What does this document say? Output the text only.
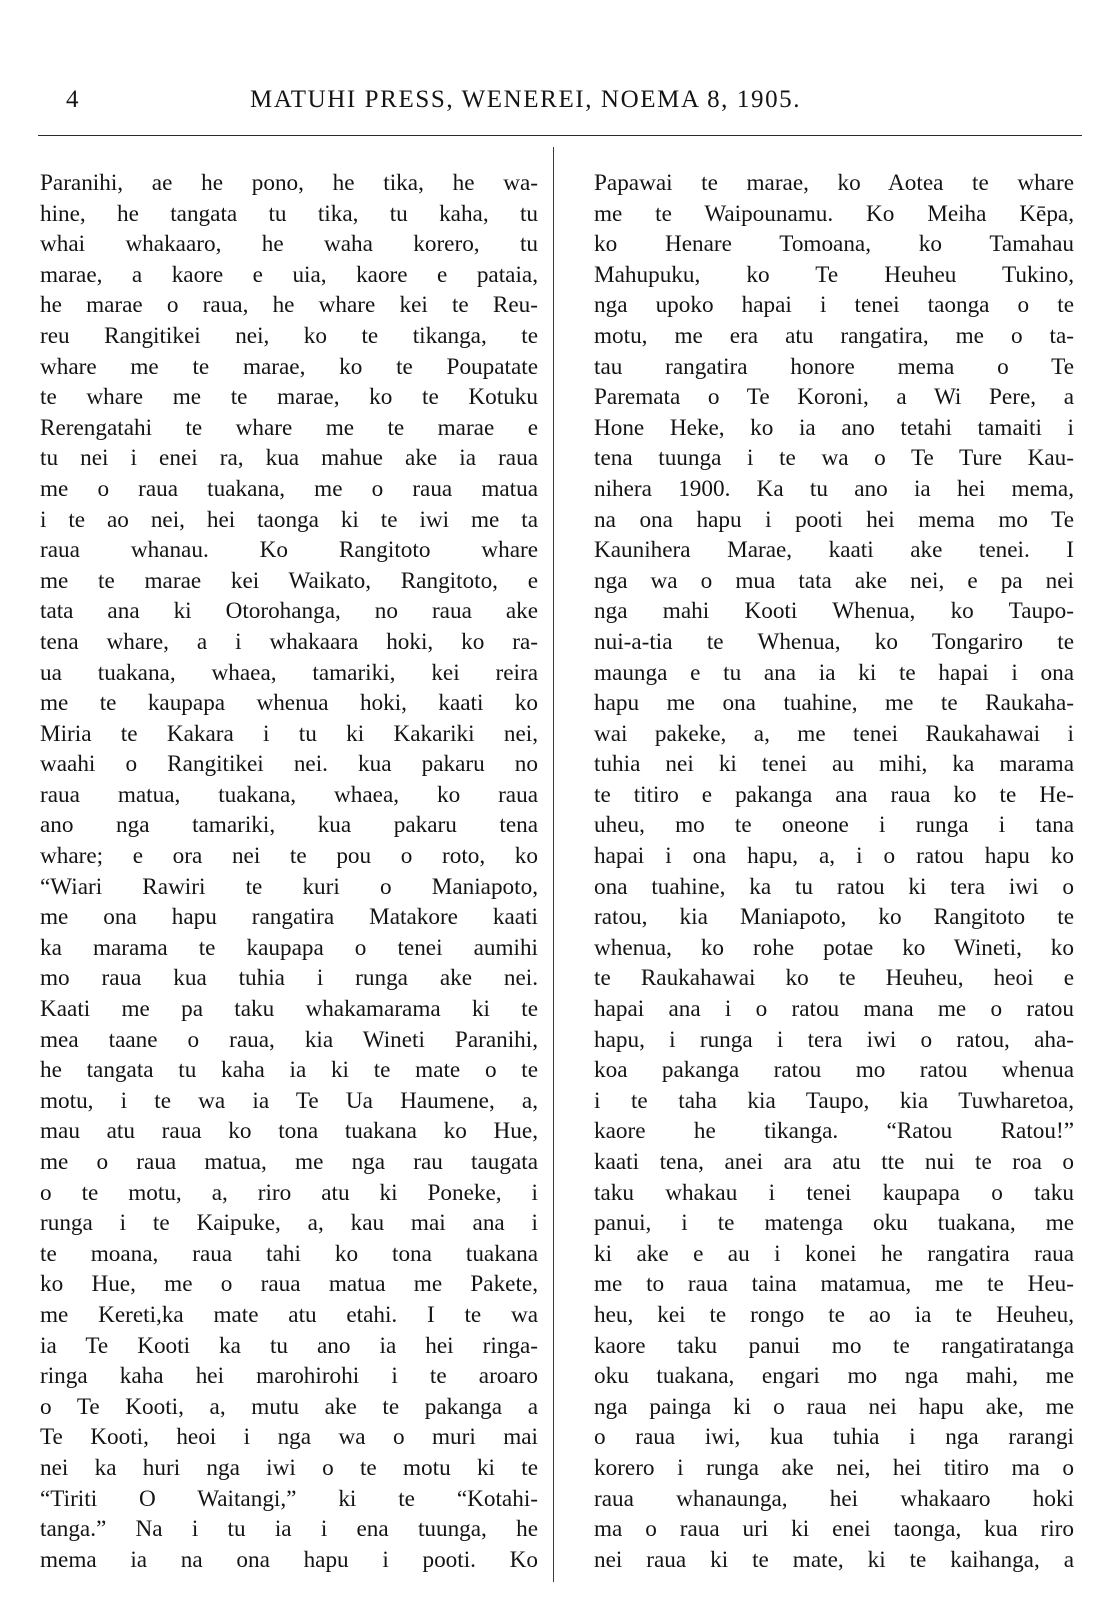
4	MATUHI PRESS, WENEREI, NOEMA 8, 1905.
Paranihi, ae he pono, he tika, he wa-
hine, he tangata tu tika, tu kaha, tu
whai whakaaro, he waha korero, tu
marae, a kaore e uia, kaore e pataia,
he marae o raua, he whare kei te Reu-
reu Rangitikei nei, ko te tikanga, te
whare me te marae, ko te Poupatate
te whare me te marae, ko te Kotuku
Rerengatahi te whare me te marae e
tu nei i enei ra, kua mahue ake ia raua
me o raua tuakana, me o raua matua
i te ao nei, hei taonga ki te iwi me ta
raua whanau. Ko Rangitoto whare
me te marae kei Waikato, Rangitoto, e
tata ana ki Otorohanga, no raua ake
tena whare, a i whakaara hoki, ko ra-
ua tuakana, whaea, tamariki, kei reira
me te kaupapa whenua hoki, kaati ko
Miria te Kakara i tu ki Kakariki nei,
waahi o Rangitikei nei. kua pakaru no
raua matua, tuakana, whaea, ko raua
ano nga tamariki, kua pakaru tena
whare; e ora nei te pou o roto, ko
“Wiari Rawiri te kuri o Maniapoto,
me ona hapu rangatira Matakore kaati
ka marama te kaupapa o tenei aumihi
mo raua kua tuhia i runga ake nei.
Kaati me pa taku whakamarama ki te
mea taane o raua, kia Wineti Paranihi,
he tangata tu kaha ia ki te mate o te
motu, i te wa ia Te Ua Haumene, a,
mau atu raua ko tona tuakana ko Hue,
me o raua matua, me nga rau taugata
o te motu, a, riro atu ki Poneke, i
runga i te Kaipuke, a, kau mai ana i
te moana, raua tahi ko tona tuakana
ko Hue, me o raua matua me Pakete,
me Kereti,ka mate atu etahi. I te wa
ia Te Kooti ka tu ano ia hei ringa-
ringa kaha hei marohirohi i te aroaro
o Te Kooti, a, mutu ake te pakanga a
Te Kooti, heoi i nga wa o muri mai
nei ka huri nga iwi o te motu ki te
“Tiriti O Waitangi,” ki te “Kotahi-
tanga.” Na i tu ia i ena tuunga, he
mema ia na ona hapu i pooti. Ko
Papawai te marae, ko Aotea te whare
me te Waipounamu. Ko Meiha Kēpa,
ko Henare Tomoana, ko Tamahau
Mahupuku, ko Te Heuheu Tukino,
nga upoko hapai i tenei taonga o te
motu, me era atu rangatira, me o ta-
tau rangatira honore mema o Te
Paremata o Te Koroni, a Wi Pere, a
Hone Heke, ko ia ano tetahi tamaiti i
tena tuunga i te wa o Te Ture Kau-
nihera 1900. Ka tu ano ia hei mema,
na ona hapu i pooti hei mema mo Te
Kaunihera Marae, kaati ake tenei. I
nga wa o mua tata ake nei, e pa nei
nga mahi Kooti Whenua, ko Taupo-
nui-a-tia te Whenua, ko Tongariro te
maunga e tu ana ia ki te hapai i ona
hapu me ona tuahine, me te Raukaha-
wai pakeke, a, me tenei Raukahawai i
tuhia nei ki tenei au mihi, ka marama
te titiro e pakanga ana raua ko te He-
uheu, mo te oneone i runga i tana
hapai i ona hapu, a, i o ratou hapu ko
ona tuahine, ka tu ratou ki tera iwi o
ratou, kia Maniapoto, ko Rangitoto te
whenua, ko rohe potae ko Wineti, ko
te Raukahawai ko te Heuheu, heoi e
hapai ana i o ratou mana me o ratou
hapu, i runga i tera iwi o ratou, aha-
koa pakanga ratou mo ratou whenua
i te taha kia Taupo, kia Tuwharetoa,
kaore he tikanga. “Ratou Ratou!”
kaati tena, anei ara atu tte nui te roa o
taku whakau i tenei kaupapa o taku
panui, i te matenga oku tuakana, me
ki ake e au i konei he rangatira raua
me to raua taina matamua, me te Heu-
heu, kei te rongo te ao ia te Heuheu,
kaore taku panui mo te rangatiratanga
oku tuakana, engari mo nga mahi, me
nga painga ki o raua nei hapu ake, me
o raua iwi, kua tuhia i nga rarangi
korero i runga ake nei, hei titiro ma o
raua whanaunga, hei whakaaro hoki
ma o raua uri ki enei taonga, kua riro
nei raua ki te mate, ki te kaihanga, a
